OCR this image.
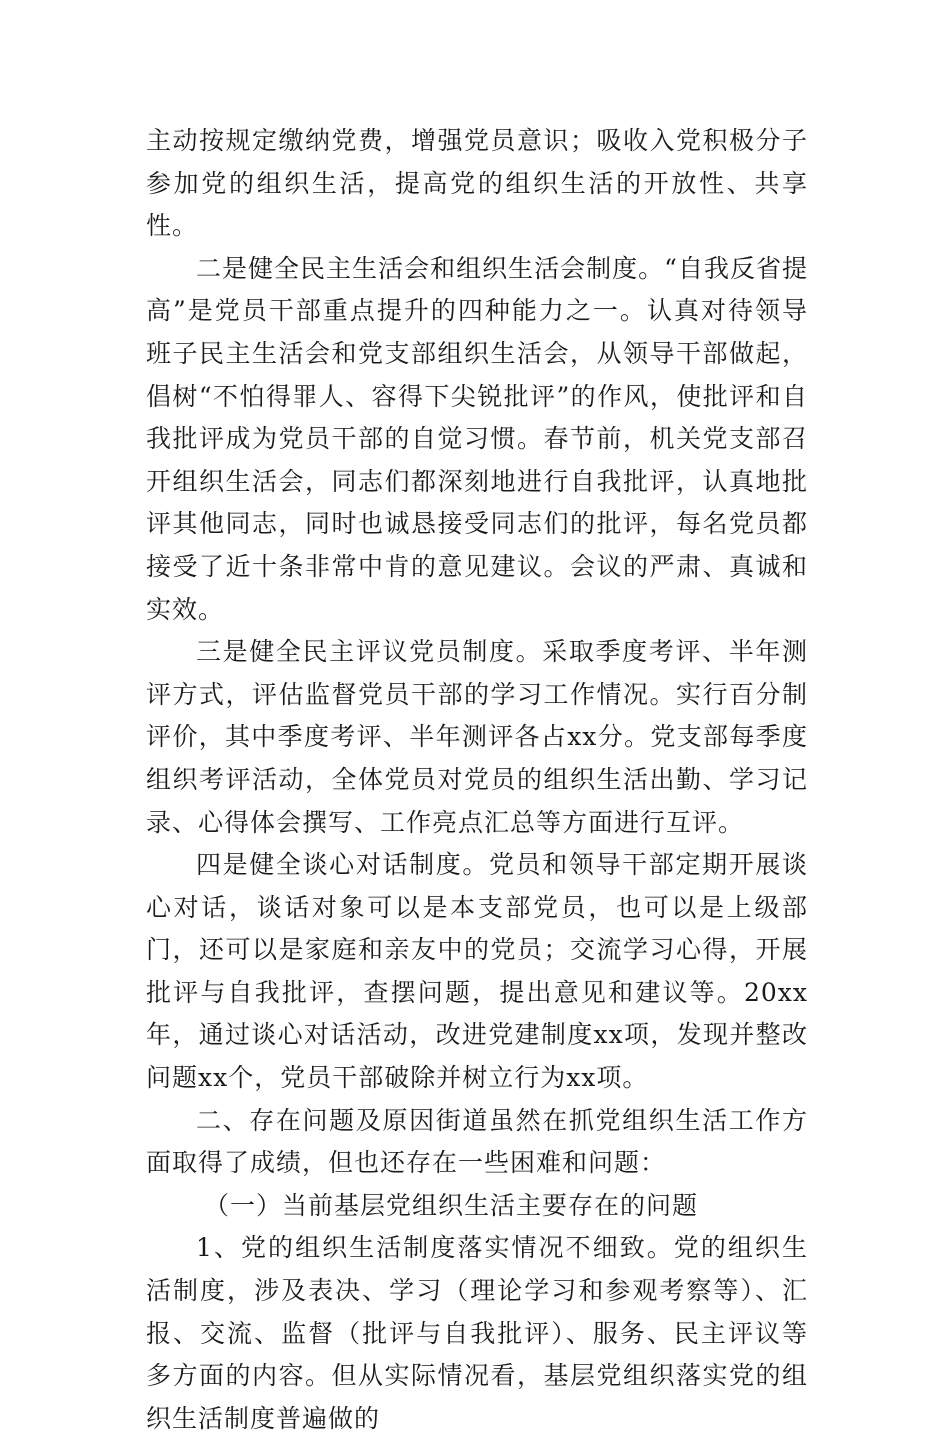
主动按规定缴纳党费，增强党员意识；吸收入党积极分子参加党的组织生活，提高党的组织生活的开放性、共享性。

二是健全民主生活会和组织生活会制度。“自我反省提高”是党员干部重点提升的四种能力之一。认真对待领导班子民主生活会和党支部组织生活会，从领导干部做起，倡树“不怕得罪人、容得下尖锐批评”的作风，使批评和自我批评成为党员干部的自觉习惯。春节前，机关党支部召开组织生活会，同志们都深刻地进行自我批评，认真地批评其他同志，同时也诚恳接受同志们的批评，每名党员都接受了近十条非常中肯的意见建议。会议的严肃、真诚和实效。

三是健全民主评议党员制度。采取季度考评、半年测评方式，评估监督党员干部的学习工作情况。实行百分制评价，其中季度考评、半年测评各占xx分。党支部每季度组织考评活动，全体党员对党员的组织生活出勤、学习记录、心得体会撰写、工作亮点汇总等方面进行互评。

四是健全谈心对话制度。党员和领导干部定期开展谈心对话，谈话对象可以是本支部党员，也可以是上级部门，还可以是家庭和亲友中的党员；交流学习心得，开展批评与自我批评，查摆问题，提出意见和建议等。20xx年，通过谈心对话活动，改进党建制度xx项，发现并整改问题xx个，党员干部破除并树立行为xx项。

二、存在问题及原因街道虽然在抓党组织生活工作方面取得了成绩，但也还存在一些困难和问题：

（一）当前基层党组织生活主要存在的问题

1、党的组织生活制度落实情况不细致。党的组织生活制度，涉及表决、学习（理论学习和参观考察等）、汇报、交流、监督（批评与自我批评）、服务、民主评议等多方面的内容。但从实际情况看，基层党组织落实党的组织生活制度普遍做的
